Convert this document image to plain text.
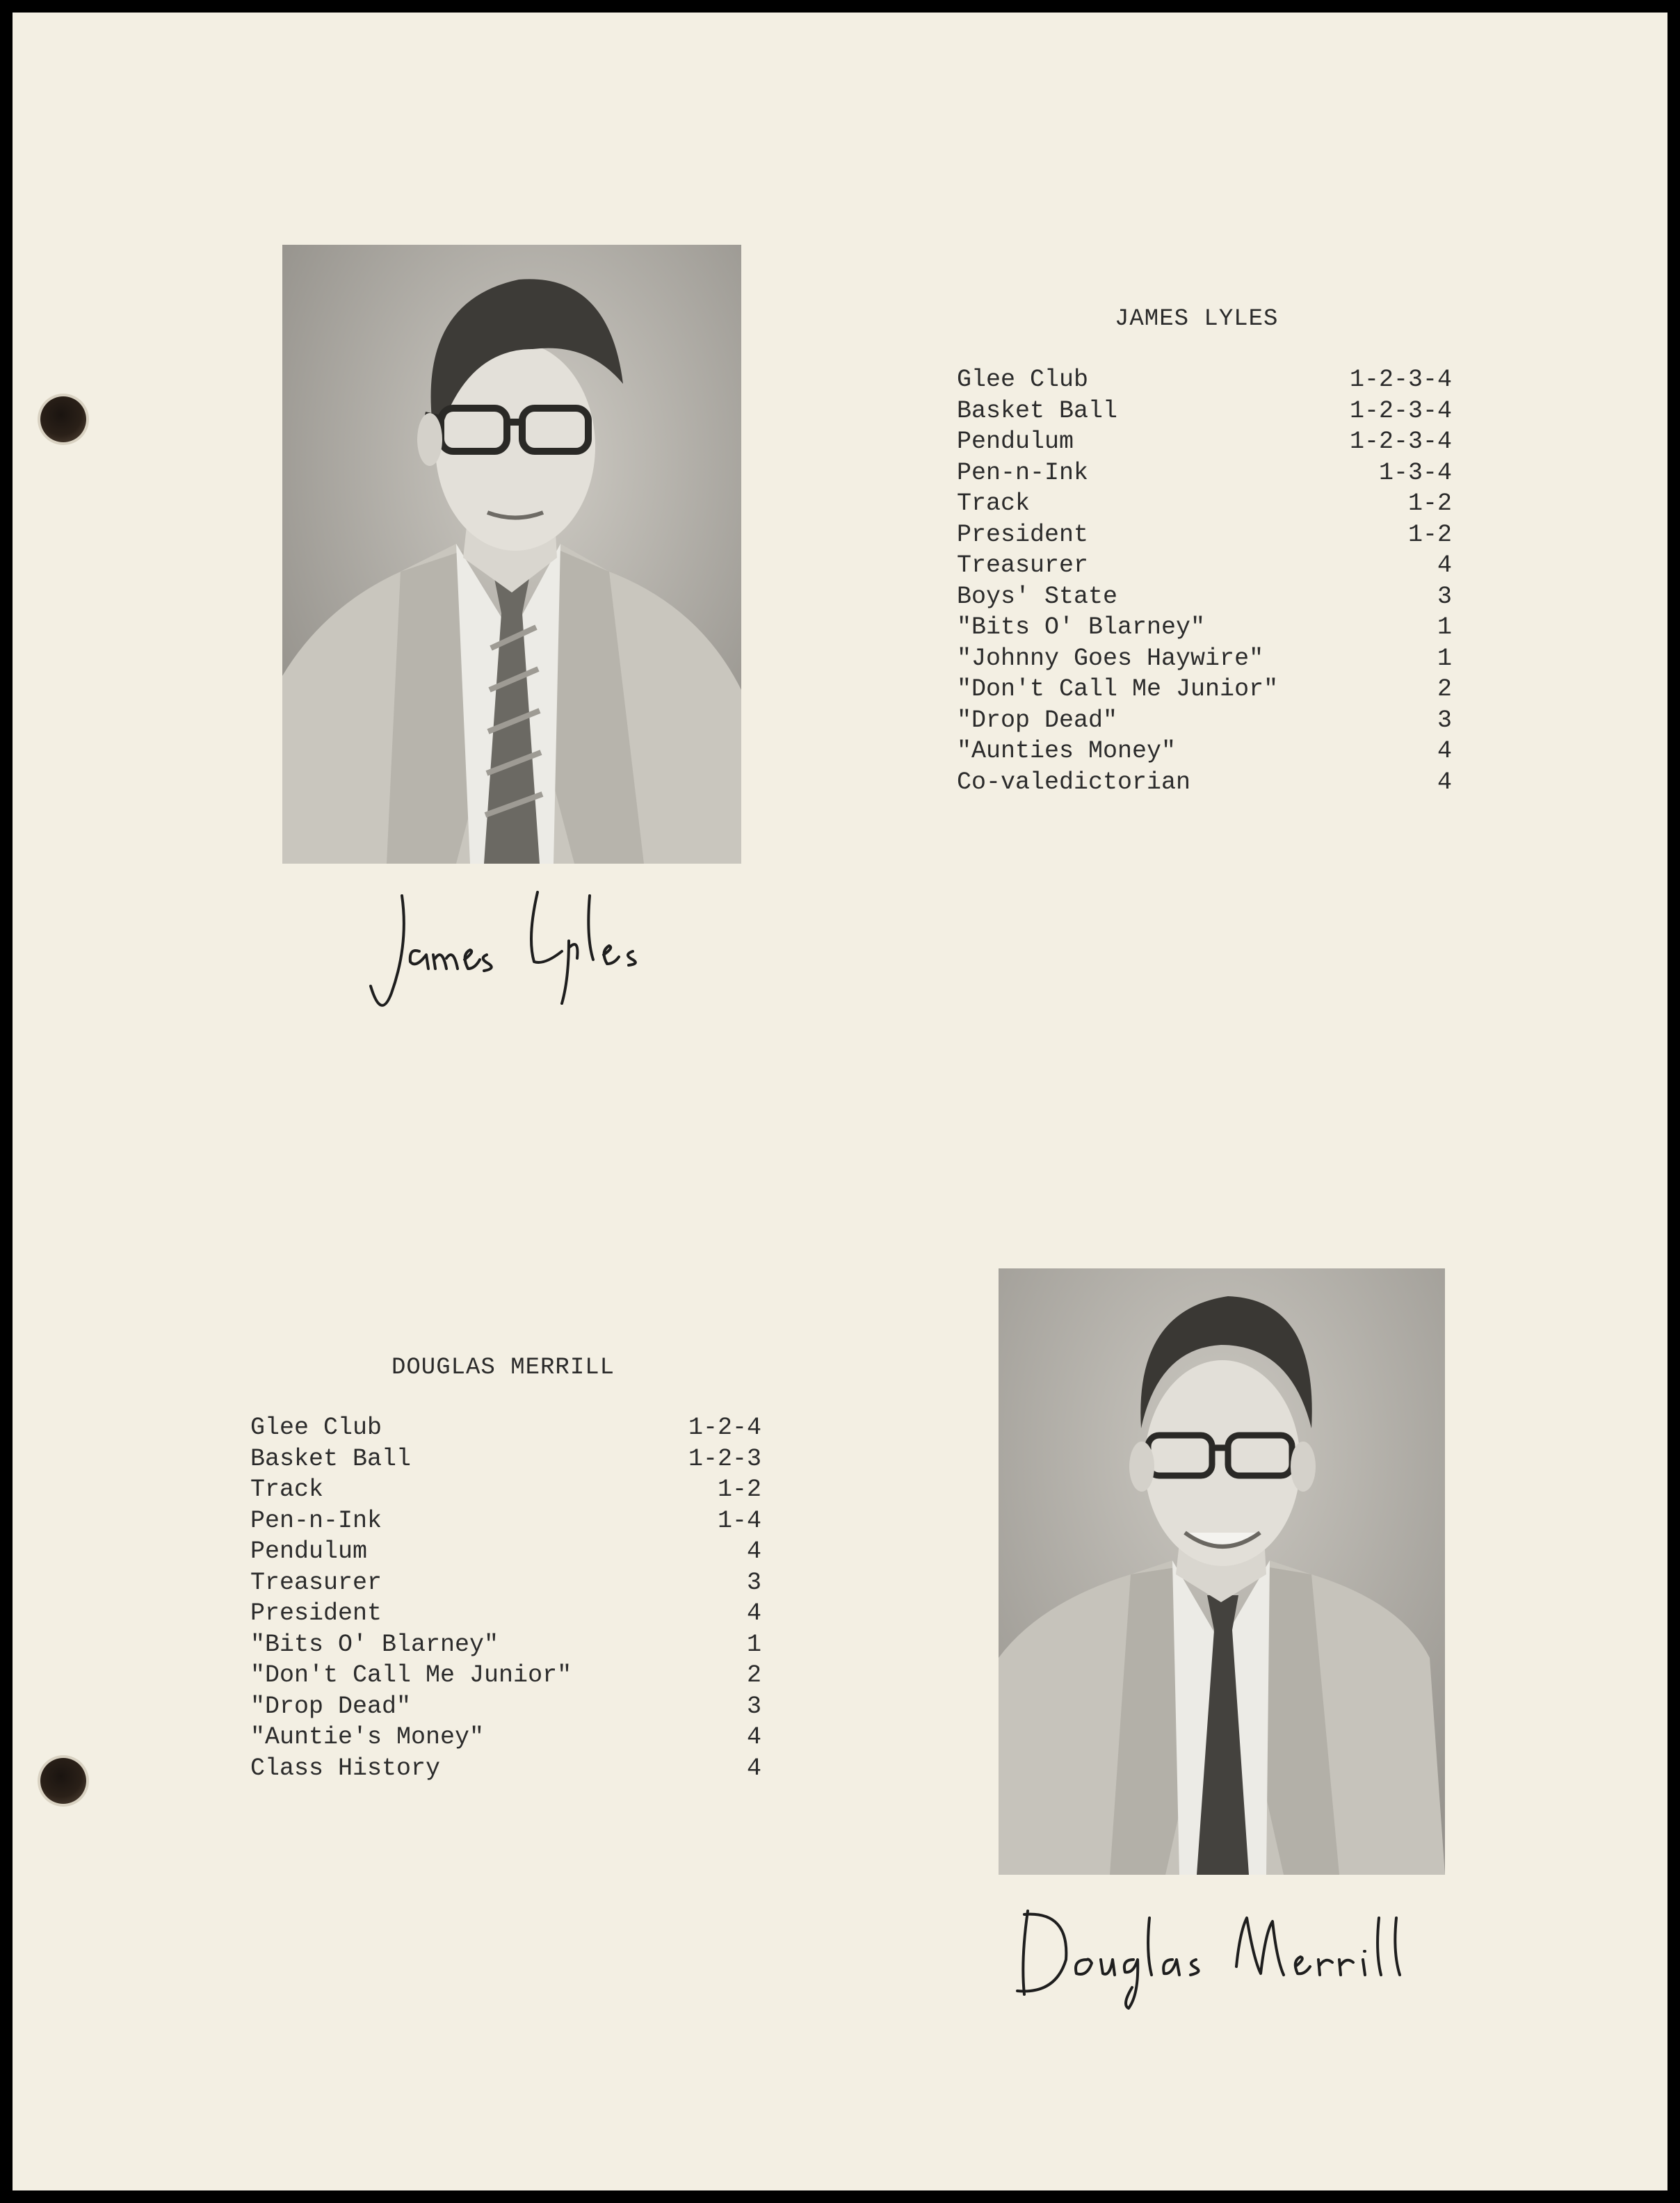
JAMES LYLES
Glee Club	1-2-3-4
Basket Ball	1-2-3-4
Pendulum	1-2-3-4
Pen-n-Ink	1-3-4
Track	1-2
President	1-2
Treasurer	4
Boys' State	3
"Bits O' Blarney"	1
"Johnny Goes Haywire"	1
"Don't Call Me Junior"	2
"Drop Dead"	3
"Aunties Money"	4
Co-valedictorian	4
DOUGLAS MERRILL
Glee Club	1-2-4
Basket Ball	1-2-3
Track	1-2
Pen-n-Ink	1-4
Pendulum	4
Treasurer	3
President	4
"Bits O' Blarney"	1
"Don't Call Me Junior"	2
"Drop Dead"	3
"Auntie's Money"	4
Class History	4
